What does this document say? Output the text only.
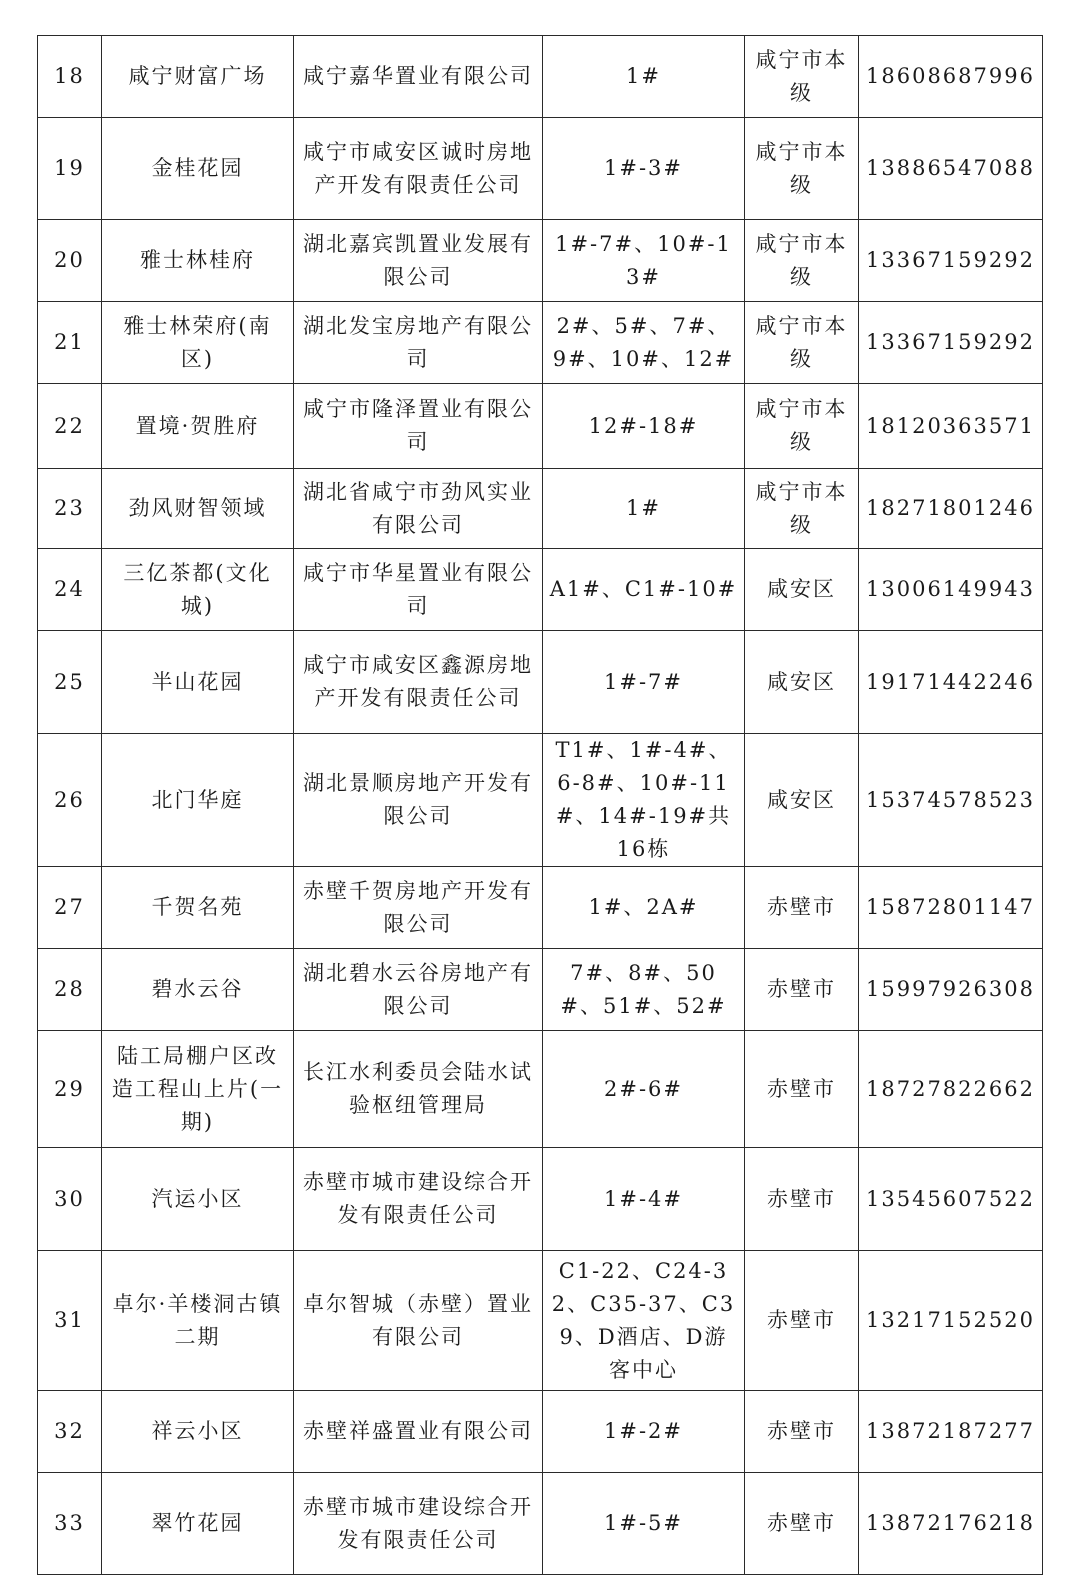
18	咸宁财富广场	咸宁嘉华置业有限公司	1#	咸宁市本级	18608687996
19	金桂花园	咸宁市咸安区诚时房地产开发有限责任公司	1#-3#	咸宁市本级	13886547088
20	雅士林桂府	湖北嘉宾凯置业发展有限公司	1#-7#、10#-13#	咸宁市本级	13367159292
21	雅士林荣府(南区)	湖北发宝房地产有限公司	2#、5#、7#、9#、10#、12#	咸宁市本级	13367159292
22	置境·贺胜府	咸宁市隆泽置业有限公司	12#-18#	咸宁市本级	18120363571
23	劲风财智领域	湖北省咸宁市劲风实业有限公司	1#	咸宁市本级	18271801246
24	三亿茶都(文化城)	咸宁市华星置业有限公司	A1#、C1#-10#	咸安区	13006149943
25	半山花园	咸宁市咸安区鑫源房地产开发有限责任公司	1#-7#	咸安区	19171442246
26	北门华庭	湖北景顺房地产开发有限公司	T1#、1#-4#、6-8#、10#-11#、14#-19#共16栋	咸安区	15374578523
27	千贺名苑	赤壁千贺房地产开发有限公司	1#、2A#	赤壁市	15872801147
28	碧水云谷	湖北碧水云谷房地产有限公司	7#、8#、50#、51#、52#	赤壁市	15997926308
29	陆工局棚户区改造工程山上片(一期)	长江水利委员会陆水试验枢纽管理局	2#-6#	赤壁市	18727822662
30	汽运小区	赤壁市城市建设综合开发有限责任公司	1#-4#	赤壁市	13545607522
31	卓尔·羊楼洞古镇二期	卓尔智城（赤壁）置业有限公司	C1-22、C24-32、C35-37、C39、D酒店、D游客中心	赤壁市	13217152520
32	祥云小区	赤壁祥盛置业有限公司	1#-2#	赤壁市	13872187277
33	翠竹花园	赤壁市城市建设综合开发有限责任公司	1#-5#	赤壁市	13872176218
